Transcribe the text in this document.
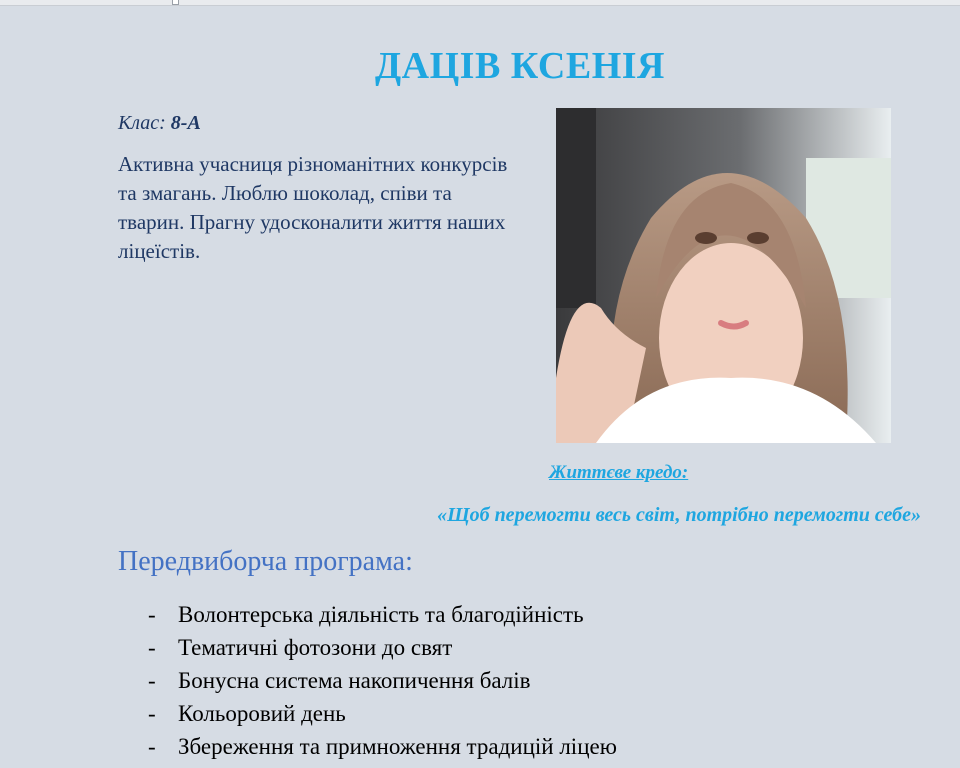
ДАЦІВ КСЕНІЯ
Клас: 8-А
Активна учасниця різноманітних конкурсів та змагань. Люблю шоколад, співи та тварин. Прагну удосконалити життя наших ліцеїстів.
Життєве кредо:
«Щоб перемогти весь світ, потрібно перемогти себе»
Передвиборча програма:
- Волонтерська діяльність та благодійність
- Тематичні фотозони до свят
- Бонусна система накопичення балів
- Кольоровий день
- Збереження та примноження традицій ліцею
